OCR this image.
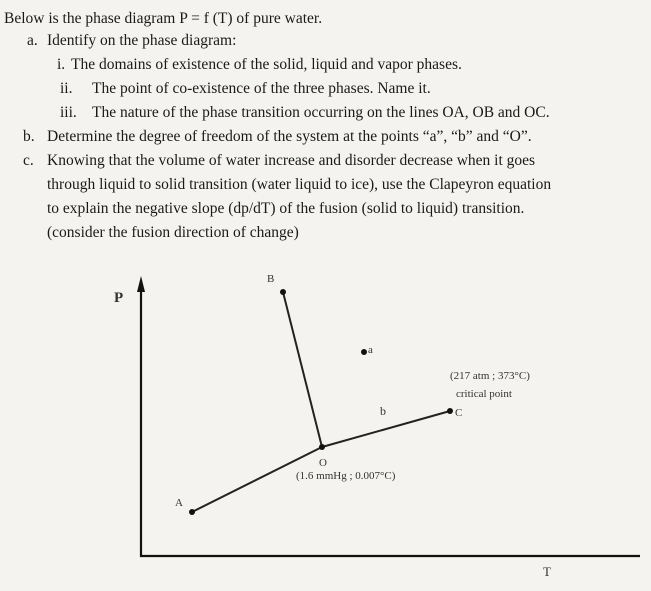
Below is the phase diagram P = f (T) of pure water.
a. Identify on the phase diagram:
i. The domains of existence of the solid, liquid and vapor phases.
ii. The point of co-existence of the three phases. Name it.
iii. The nature of the phase transition occurring on the lines OA, OB and OC.
b. Determine the degree of freedom of the system at the points “a”, “b” and “O”.
c. Knowing that the volume of water increase and disorder decrease when it goes
through liquid to solid transition (water liquid to ice), use the Clapeyron equation
to explain the negative slope (dp/dT) of the fusion (solid to liquid) transition.
(consider the fusion direction of change)
P
T
A
B
O
C
a
b
(217 atm ; 373°C)
critical point
(1.6 mmHg ; 0.007°C)
